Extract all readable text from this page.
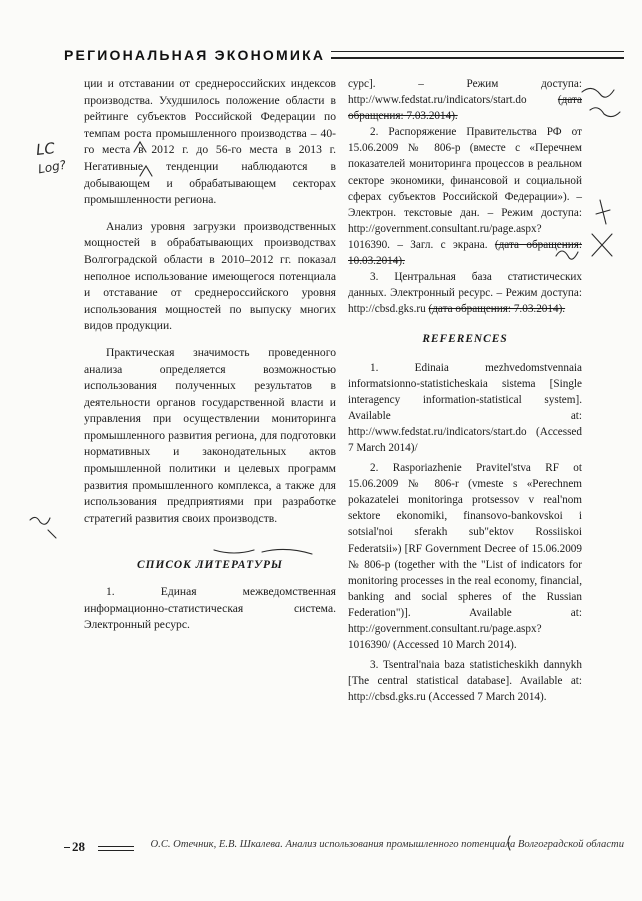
РЕГИОНАЛЬНАЯ ЭКОНОМИКА

ции и отставании от среднероссийских индексов производства. Ухудшилось положение области в рейтинге субъектов Российской Федерации по темпам роста промышленного производства – 40-го места в 2012 г. до 56-го места в 2013 г. Негативные тенденции наблюдаются в добывающем и обрабатывающем секторах промышленности региона.

Анализ уровня загрузки производственных мощностей в обрабатывающих производствах Волгоградской области в 2010–2012 гг. показал неполное использование имеющегося потенциала и отставание от среднероссийского уровня использования мощностей по выпуску многих видов продукции.

Практическая значимость проведенного анализа определяется возможностью использования полученных результатов в деятельности органов государственной власти и управления при осуществлении мониторинга промышленного развития региона, для подготовки нормативных и законодательных актов промышленной политики и целевых программ развития промышленного комплекса, а также для использования предприятиями при разработке стратегий развития своих производств.

СПИСОК ЛИТЕРАТУРЫ

1. Единая межведомственная информационно-статистическая система. Электронный ресурс.

сурс]. – Режим доступа: http://www.fedstat.ru/indicators/start.do	(дата обращения: 7.03.2014).

2. Распоряжение Правительства РФ от 15.06.2009 № 806-р (вместе с «Перечнем показателей мониторинга процессов в реальном секторе экономики, финансовой и социальной сферах субъектов Российской Федерации»). – Электрон. текстовые дан. – Режим доступа: http://government.consultant.ru/page.aspx?1016390. – Загл. с экрана. (дата обращения: 10.03.2014).

3. Центральная база статистических данных. Электронный ресурс. – Режим доступа: http://cbsd.gks.ru (дата обращения: 7.03.2014).

REFERENCES

1. Edinaia mezhvedomstvennaia informatsionno-statisticheskaia sistema [Single interagency information-statistical system]. Available at: http://www.fedstat.ru/indicators/start.do (Accessed 7 March 2014)/

2. Rasporiazhenie Pravitel'stva RF ot 15.06.2009 № 806-r (vmeste s «Perechnem pokazatelei monitoringa protsessov v real'nom sektore ekonomiki, finansovo-bankovskoi i sotsial'noi sferakh sub"ektov Rossiiskoi Federatsii») [RF Government Decree of 15.06.2009 № 806-p (together with the "List of indicators for monitoring processes in the real economy, financial, banking and social spheres of the Russian Federation")]. Available at: http://government.consultant.ru/page.aspx?1016390/ (Accessed 10 March 2014).

3. Tsentral'naia baza statisticheskikh dannykh [The central statistical database]. Available at: http://cbsd.gks.ru (Accessed 7 March 2014).

LC
Log?
28	О.С. Отечник, Е.В. Шкалева. Анализ использования промышленного потенциала Волгоградской области
